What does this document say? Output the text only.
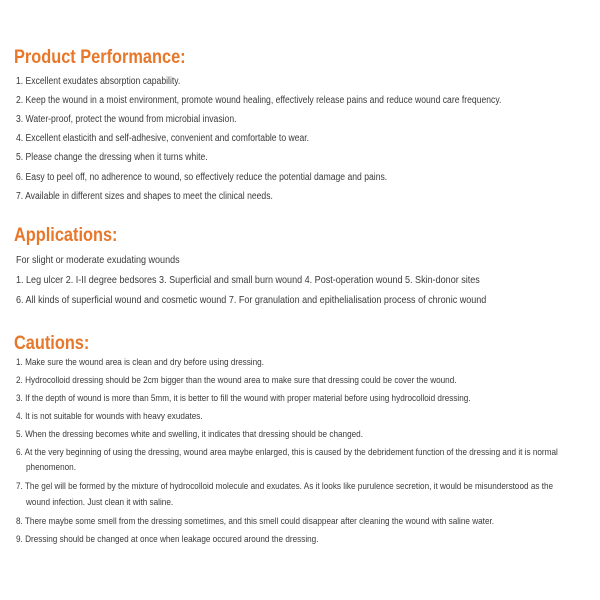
Product Performance:
1. Excellent exudates absorption capability.
2. Keep the wound in a moist environment, promote wound healing, effectively release pains and reduce wound care frequency.
3. Water-proof, protect the wound from microbial invasion.
4. Excellent elasticith and self-adhesive, convenient and comfortable to wear.
5. Please change the dressing when it turns white.
6. Easy to peel off, no adherence to wound, so effectively reduce the potential damage and pains.
7. Available in different sizes and shapes to meet the clinical needs.
Applications:
For slight or moderate exudating wounds
1. Leg ulcer 2. I-II degree bedsores 3. Superficial and small burn wound 4. Post-operation wound 5. Skin-donor sites
6. All kinds of superficial wound and cosmetic wound 7. For granulation and epithelialisation process of chronic wound
Cautions:
1. Make sure the wound area is clean and dry before using dressing.
2. Hydrocolloid dressing should be 2cm bigger than the wound area to make sure that dressing could be cover the wound.
3. If the depth of wound is more than 5mm, it is better to fill the wound with proper material before using hydrocolloid dressing.
4. It is not suitable for wounds with heavy exudates.
5. When the dressing becomes white and swelling, it indicates that dressing should be changed.
6. At the very beginning of using the dressing, wound area maybe enlarged, this is caused by the debridement function of the dressing and it is normal
phenomenon.
7. The gel will be formed by the mixture of hydrocolloid molecule and exudates. As it looks like purulence secretion, it would be misunderstood as the
wound infection. Just clean it with saline.
8. There maybe some smell from the dressing sometimes, and this smell could disappear after cleaning the wound with saline water.
9. Dressing should be changed at once when leakage occured around the dressing.
